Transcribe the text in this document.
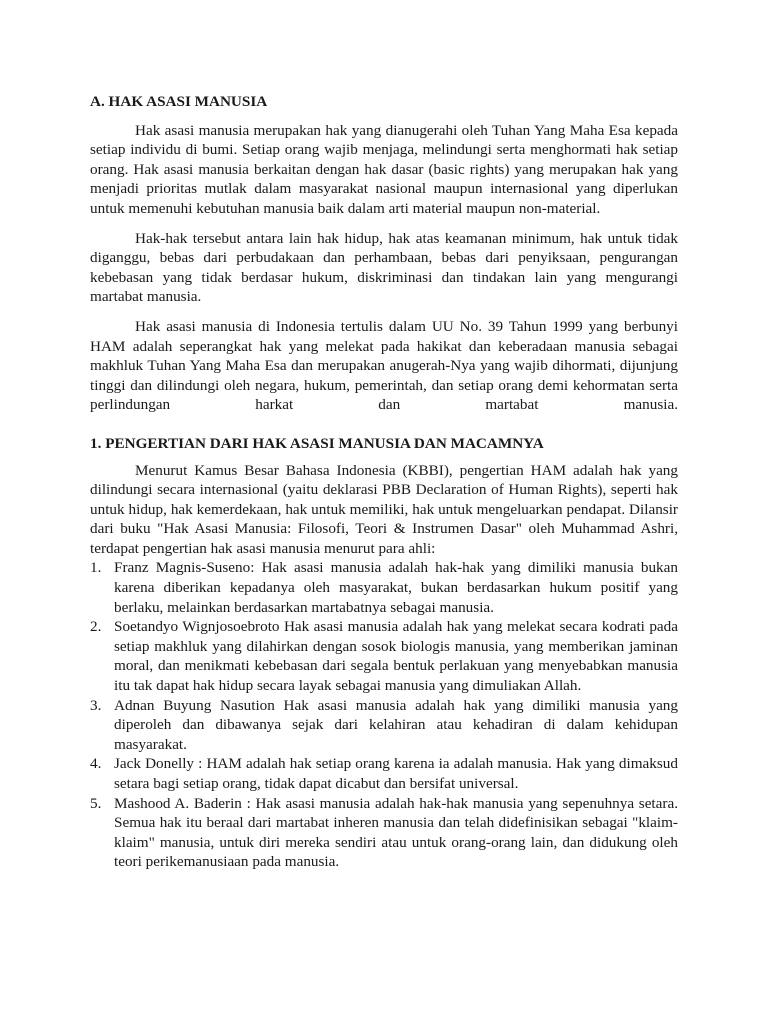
A. HAK ASASI MANUSIA

Hak asasi manusia merupakan hak yang dianugerahi oleh Tuhan Yang Maha Esa kepada setiap individu di bumi. Setiap orang wajib menjaga, melindungi serta menghormati hak setiap orang. Hak asasi manusia berkaitan dengan hak dasar (basic rights) yang merupakan hak yang menjadi prioritas mutlak dalam masyarakat nasional maupun internasional yang diperlukan untuk memenuhi kebutuhan manusia baik dalam arti material maupun non-material.

Hak-hak tersebut antara lain hak hidup, hak atas keamanan minimum, hak untuk tidak diganggu, bebas dari perbudakaan dan perhambaan, bebas dari penyiksaan, pengurangan kebebasan yang tidak berdasar hukum, diskriminasi dan tindakan lain yang mengurangi martabat manusia.

Hak asasi manusia di Indonesia tertulis dalam UU No. 39 Tahun 1999 yang berbunyi HAM adalah seperangkat hak yang melekat pada hakikat dan keberadaan manusia sebagai makhluk Tuhan Yang Maha Esa dan merupakan anugerah-Nya yang wajib dihormati, dijunjung tinggi dan dilindungi oleh negara, hukum, pemerintah, dan setiap orang demi kehormatan serta perlindungan harkat dan martabat manusia.

1. PENGERTIAN DARI HAK ASASI MANUSIA DAN MACAMNYA

Menurut Kamus Besar Bahasa Indonesia (KBBI), pengertian HAM adalah hak yang dilindungi secara internasional (yaitu deklarasi PBB Declaration of Human Rights), seperti hak untuk hidup, hak kemerdekaan, hak untuk memiliki, hak untuk mengeluarkan pendapat. Dilansir dari buku "Hak Asasi Manusia: Filosofi, Teori & Instrumen Dasar" oleh Muhammad Ashri, terdapat pengertian hak asasi manusia menurut para ahli:

1. Franz Magnis-Suseno: Hak asasi manusia adalah hak-hak yang dimiliki manusia bukan karena diberikan kepadanya oleh masyarakat, bukan berdasarkan hukum positif yang berlaku, melainkan berdasarkan martabatnya sebagai manusia.
2. Soetandyo Wignjosoebroto Hak asasi manusia adalah hak yang melekat secara kodrati pada setiap makhluk yang dilahirkan dengan sosok biologis manusia, yang memberikan jaminan moral, dan menikmati kebebasan dari segala bentuk perlakuan yang menyebabkan manusia itu tak dapat hak hidup secara layak sebagai manusia yang dimuliakan Allah.
3. Adnan Buyung Nasution Hak asasi manusia adalah hak yang dimiliki manusia yang diperoleh dan dibawanya sejak dari kelahiran atau kehadiran di dalam kehidupan masyarakat.
4. Jack Donelly : HAM adalah hak setiap orang karena ia adalah manusia. Hak yang dimaksud setara bagi setiap orang, tidak dapat dicabut dan bersifat universal.
5. Mashood A. Baderin : Hak asasi manusia adalah hak-hak manusia yang sepenuhnya setara. Semua hak itu beraal dari martabat inheren manusia dan telah didefinisikan sebagai "klaim-klaim" manusia, untuk diri mereka sendiri atau untuk orang-orang lain, dan didukung oleh teori perikemanusiaan pada manusia.
